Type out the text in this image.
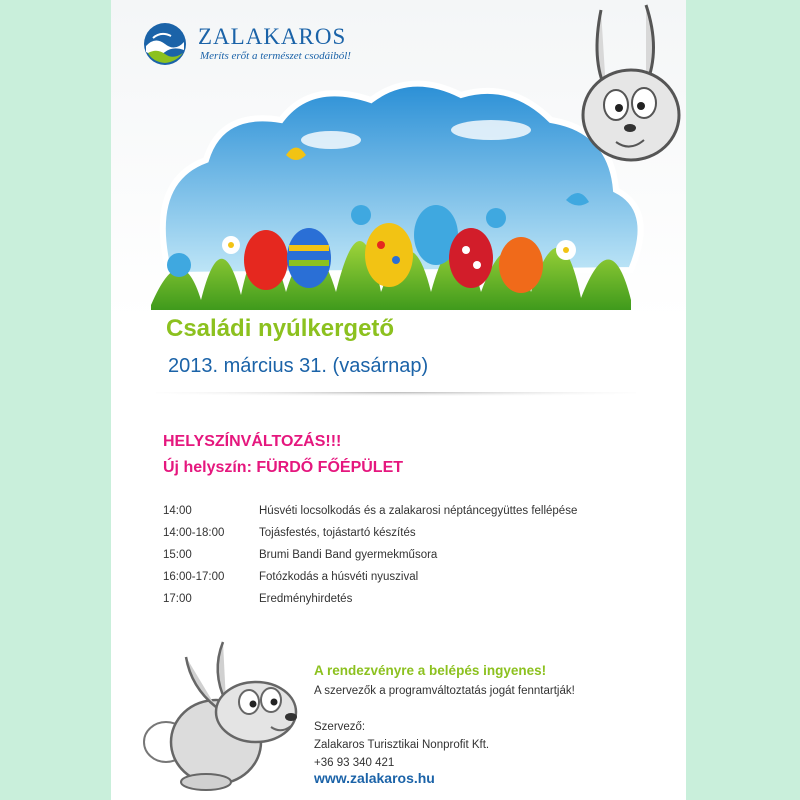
ZALAKAROS
Meríts erőt a természet csodáiból!
Családi nyúlkergető
2013. március 31. (vasárnap)
HELYSZÍNVÁLTOZÁS!!!
Új helyszín: FÜRDŐ FŐÉPÜLET
14:00	Húsvéti locsolkodás és a zalakarosi néptáncegyüttes fellépése
14:00-18:00	Tojásfestés, tojástartó készítés
15:00	Brumi Bandi Band gyermekműsora
16:00-17:00	Fotózkodás a húsvéti nyuszival
17:00	Eredményhirdetés
A rendezvényre a belépés ingyenes!
A szervezők a programváltoztatás jogát fenntartják!
Szervező:
Zalakaros Turisztikai Nonprofit Kft.
+36 93 340 421
www.zalakaros.hu
